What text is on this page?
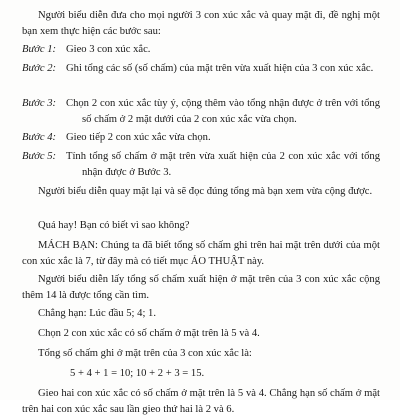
Người biểu diễn đưa cho mọi người 3 con xúc xắc và quay mặt đi, đề nghị một bạn xem thực hiện các bước sau:

Bước 1: Gieo 3 con xúc xắc.

Bước 2: Ghi tổng các số (số chấm) của mặt trên vừa xuất hiện của 3 con xúc xắc.

Bước 3: Chọn 2 con xúc xắc tùy ý, cộng thêm vào tổng nhận được ở trên với tổng số chấm ở 2 mặt dưới của 2 con xúc xắc vừa chọn.

Bước 4: Gieo tiếp 2 con xúc xắc vừa chọn.

Bước 5: Tính tổng số chấm ở mặt trên vừa xuất hiện của 2 con xúc xắc với tổng nhận được ở Bước 3.

Người biểu diễn quay mặt lại và sẽ đọc đúng tổng mà bạn xem vừa cộng được.

Quá hay! Bạn có biết vì sao không?

MÁCH BẠN: Chúng ta đã biết tổng số chấm ghi trên hai mặt trên dưới của một con xúc xắc là 7, từ đây mà có tiết mục ẢO THUẬT này.

Người biểu diễn lấy tổng số chấm xuất hiện ở mặt trên của 3 con xúc xắc cộng thêm 14 là được tổng cần tìm.

Chẳng hạn: Lúc đầu 5; 4; 1.

Chọn 2 con xúc xắc có số chấm ở mặt trên là 5 và 4.

Tổng số chấm ghi ở mặt trên của 3 con xúc xắc là:

5 + 4 + 1 = 10; 10 + 2 + 3 = 15.

Gieo hai con xúc xắc có số chấm ở mặt trên là 5 và 4. Chẳng hạn số chấm ở mặt trên hai con xúc xắc sau lần gieo thứ hai là 2 và 6.
